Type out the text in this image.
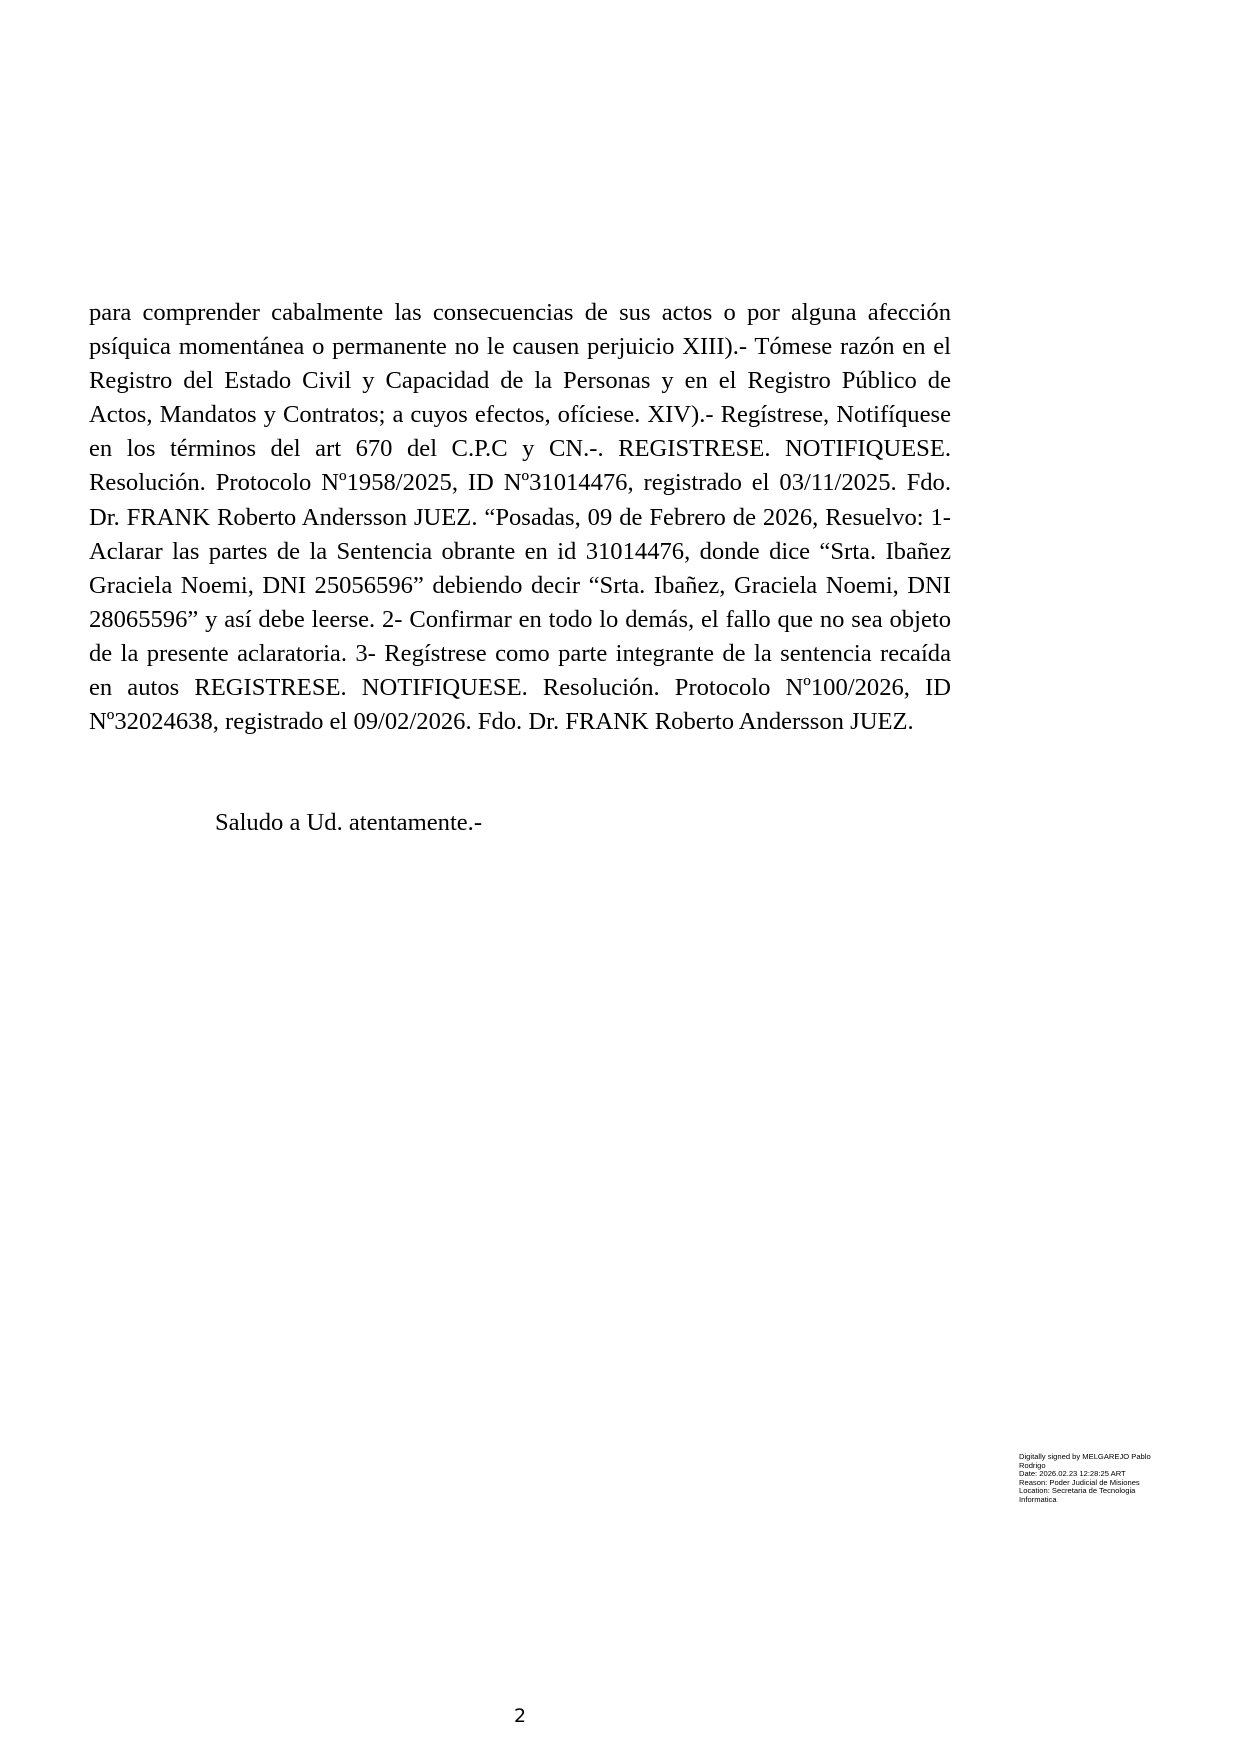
para comprender cabalmente las consecuencias de sus actos o por alguna afección psíquica momentánea o permanente no le causen perjuicio XIII).- Tómese razón en el Registro del Estado Civil y Capacidad de la Personas y en el Registro Público de Actos, Mandatos y Contratos; a cuyos efectos, ofíciese. XIV).- Regístrese, Notifíquese en los términos del art 670 del C.P.C y CN.-. REGISTRESE. NOTIFIQUESE. Resolución. Protocolo Nº1958/2025, ID Nº31014476, registrado el 03/11/2025. Fdo. Dr. FRANK Roberto Andersson JUEZ. “Posadas, 09 de Febrero de 2026, Resuelvo: 1- Aclarar las partes de la Sentencia obrante en id 31014476, donde dice “Srta. Ibañez Graciela Noemi, DNI 25056596” debiendo decir “Srta. Ibañez, Graciela Noemi, DNI 28065596” y así debe leerse. 2- Confirmar en todo lo demás, el fallo que no sea objeto de la presente aclaratoria. 3- Regístrese como parte integrante de la sentencia recaída en autos REGISTRESE. NOTIFIQUESE. Resolución. Protocolo Nº100/2026, ID Nº32024638, registrado el 09/02/2026. Fdo. Dr. FRANK Roberto Andersson JUEZ.

Saludo a Ud. atentamente.-

Digitally signed by MELGAREJO Pablo
Rodrigo
Date: 2026.02.23 12:28:25 ART
Reason: Poder Judicial de Misiones
Location: Secretaria de Tecnologia
Informatica
2
